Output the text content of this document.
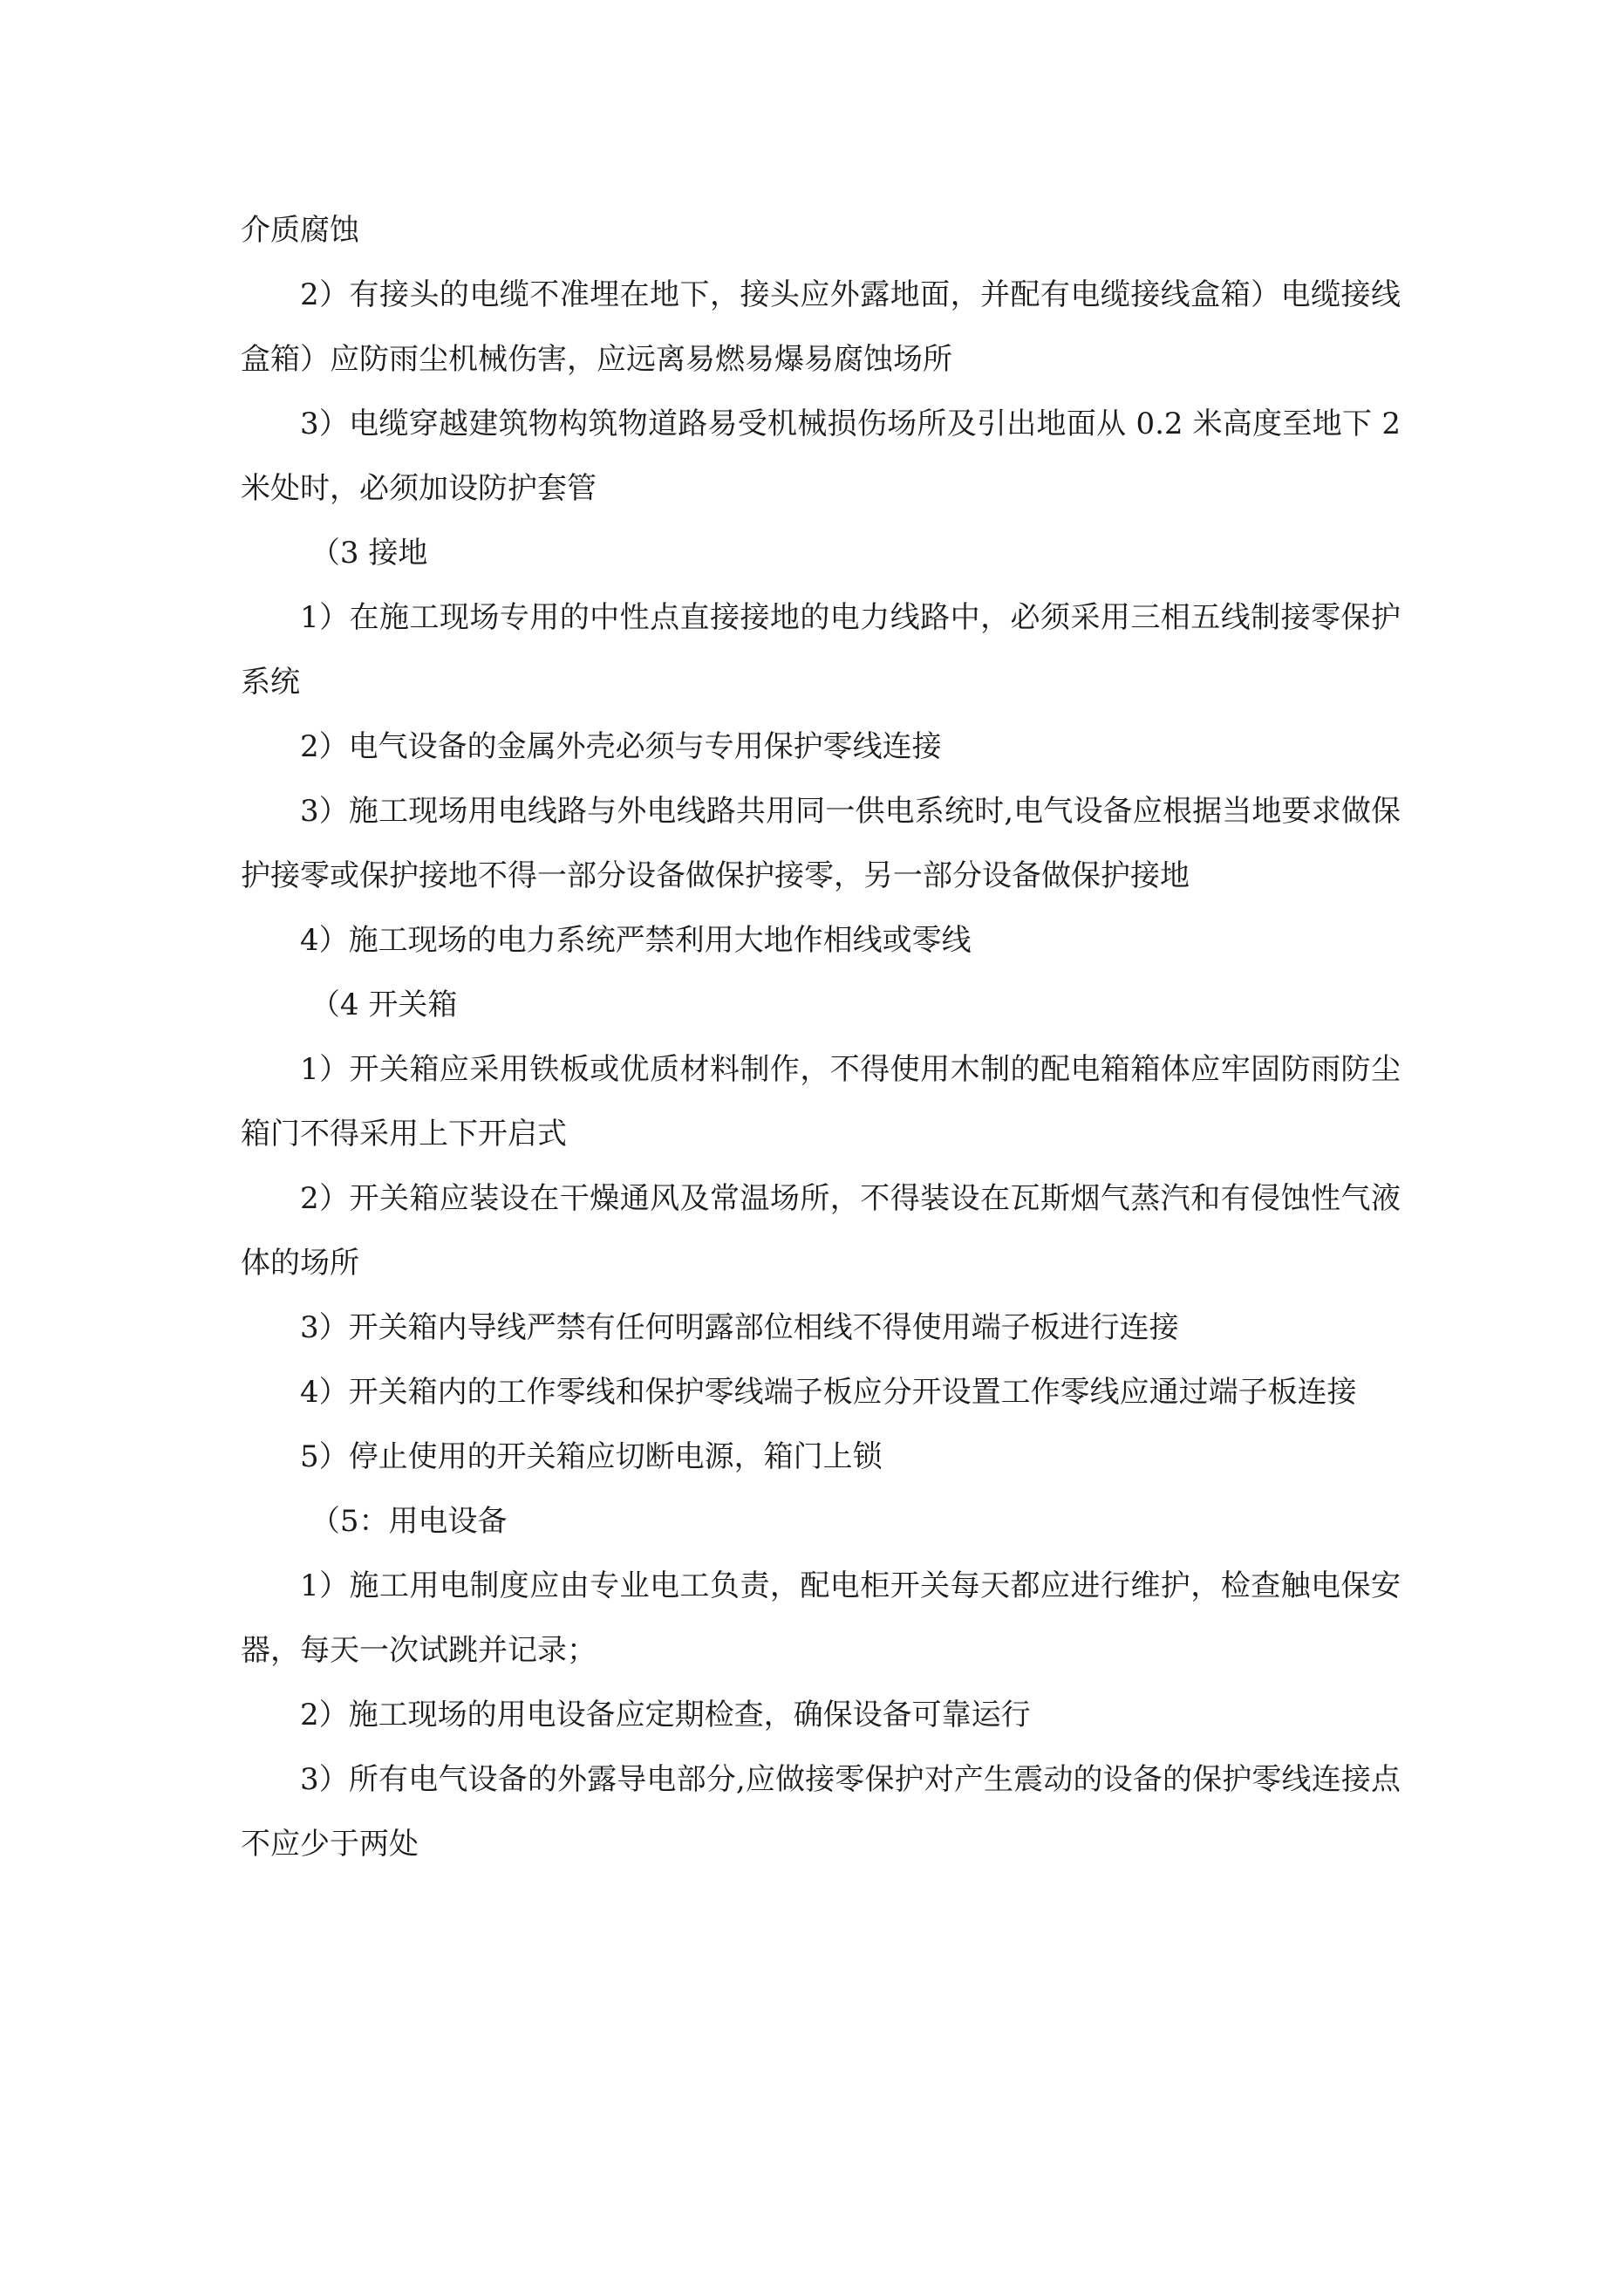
介质腐蚀

2）有接头的电缆不准埋在地下，接头应外露地面，并配有电缆接线盒箱）电缆接线盒箱）应防雨尘机械伤害，应远离易燃易爆易腐蚀场所

3）电缆穿越建筑物构筑物道路易受机械损伤场所及引出地面从 0.2 米高度至地下 2 米处时，必须加设防护套管

（3 接地

1）在施工现场专用的中性点直接接地的电力线路中，必须采用三相五线制接零保护系统

2）电气设备的金属外壳必须与专用保护零线连接

3）施工现场用电线路与外电线路共用同一供电系统时,电气设备应根据当地要求做保护接零或保护接地不得一部分设备做保护接零，另一部分设备做保护接地

4）施工现场的电力系统严禁利用大地作相线或零线

（4 开关箱

1）开关箱应采用铁板或优质材料制作，不得使用木制的配电箱箱体应牢固防雨防尘箱门不得采用上下开启式

2）开关箱应装设在干燥通风及常温场所，不得装设在瓦斯烟气蒸汽和有侵蚀性气液体的场所

3）开关箱内导线严禁有任何明露部位相线不得使用端子板进行连接

4）开关箱内的工作零线和保护零线端子板应分开设置工作零线应通过端子板连接

5）停止使用的开关箱应切断电源，箱门上锁

（5：用电设备

1）施工用电制度应由专业电工负责，配电柜开关每天都应进行维护，检查触电保安器，每天一次试跳并记录；

2）施工现场的用电设备应定期检查，确保设备可靠运行

3）所有电气设备的外露导电部分,应做接零保护对产生震动的设备的保护零线连接点不应少于两处
